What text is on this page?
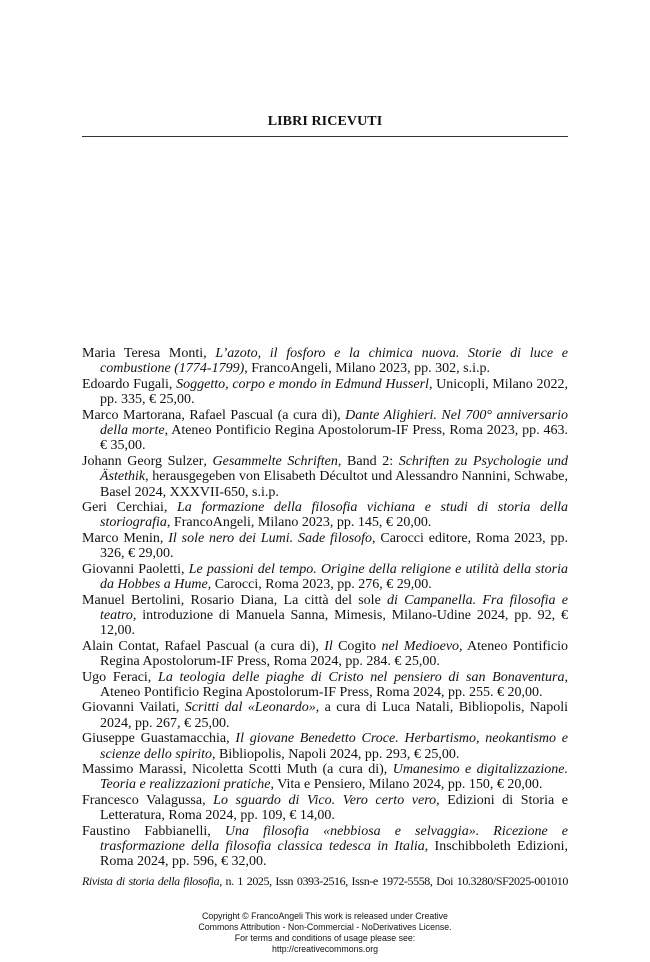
LIBRI RICEVUTI

Maria Teresa Monti, L’azoto, il fosforo e la chimica nuova. Storie di luce e combustione (1774-1799), FrancoAngeli, Milano 2023, pp. 302, s.i.p.

Edoardo Fugali, Soggetto, corpo e mondo in Edmund Husserl, Unicopli, Milano 2022, pp. 335, € 25,00.

Marco Martorana, Rafael Pascual (a cura di), Dante Alighieri. Nel 700° anniversario della morte, Ateneo Pontificio Regina Apostolorum-IF Press, Roma 2023, pp. 463. € 35,00.

Johann Georg Sulzer, Gesammelte Schriften, Band 2: Schriften zu Psychologie und Ästethik, herausgegeben von Elisabeth Décultot und Alessandro Nannini, Schwabe, Basel 2024, XXXVII-650, s.i.p.

Geri Cerchiai, La formazione della filosofia vichiana e studi di storia della storiografia, FrancoAngeli, Milano 2023, pp. 145, € 20,00.

Marco Menin, Il sole nero dei Lumi. Sade filosofo, Carocci editore, Roma 2023, pp. 326, € 29,00.

Giovanni Paoletti, Le passioni del tempo. Origine della religione e utilità della storia da Hobbes a Hume, Carocci, Roma 2023, pp. 276, € 29,00.

Manuel Bertolini, Rosario Diana, La città del sole di Campanella. Fra filosofia e teatro, introduzione di Manuela Sanna, Mimesis, Milano-Udine 2024, pp. 92, € 12,00.

Alain Contat, Rafael Pascual (a cura di), Il Cogito nel Medioevo, Ateneo Pontificio Regina Apostolorum-IF Press, Roma 2024, pp. 284. € 25,00.

Ugo Feraci, La teologia delle piaghe di Cristo nel pensiero di san Bonaventura, Ateneo Pontificio Regina Apostolorum-IF Press, Roma 2024, pp. 255. € 20,00.

Giovanni Vailati, Scritti dal «Leonardo», a cura di Luca Natali, Bibliopolis, Napoli 2024, pp. 267, € 25,00.

Giuseppe Guastamacchia, Il giovane Benedetto Croce. Herbartismo, neokantismo e scienze dello spirito, Bibliopolis, Napoli 2024, pp. 293, € 25,00.

Massimo Marassi, Nicoletta Scotti Muth (a cura di), Umanesimo e digitalizzazione. Teoria e realizzazioni pratiche, Vita e Pensiero, Milano 2024, pp. 150, € 20,00.

Francesco Valagussa, Lo sguardo di Vico. Vero certo vero, Edizioni di Storia e Letteratura, Roma 2024, pp. 109, € 14,00.

Faustino Fabbianelli, Una filosofia «nebbiosa e selvaggia». Ricezione e trasformazione della filosofia classica tedesca in Italia, Inschibboleth Edizioni, Roma 2024, pp. 596, € 32,00.

Rivista di storia della filosofia, n. 1 2025, Issn 0393-2516, Issn-e 1972-5558, Doi 10.3280/SF2025-001010
Copyright © FrancoAngeli This work is released under Creative
Commons Attribution - Non-Commercial - NoDerivatives License.
For terms and conditions of usage please see:
http://creativecommons.org
